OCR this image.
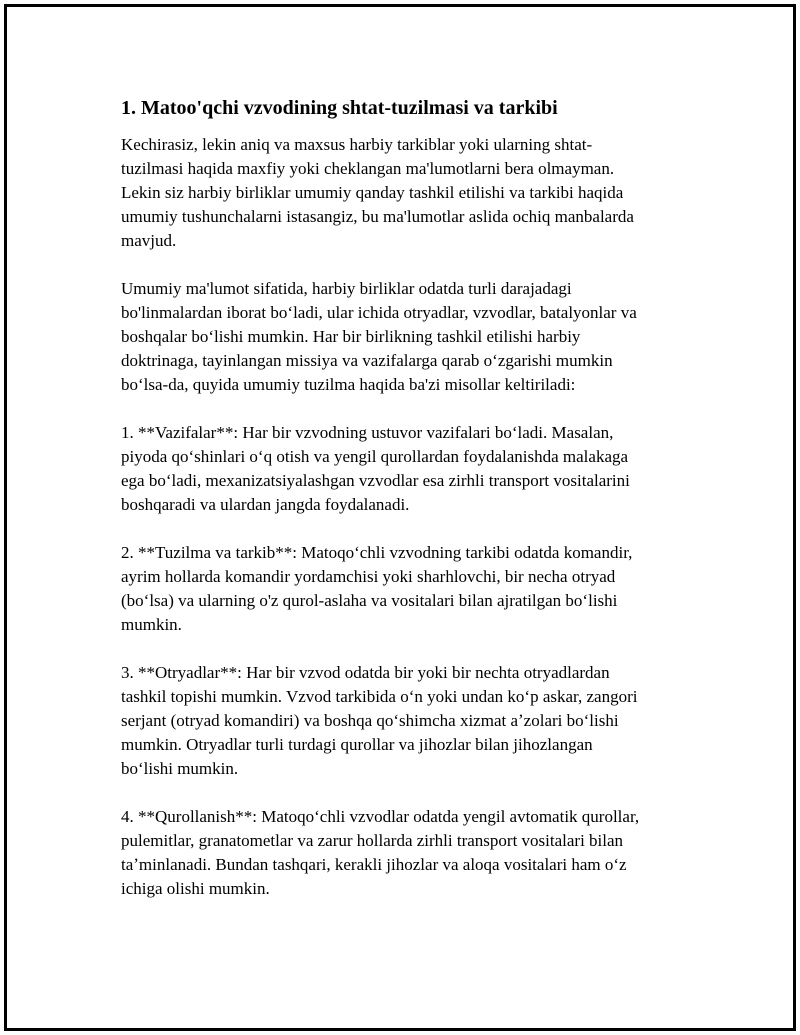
1. Matoo'qchi vzvodining shtat-tuzilmasi va tarkibi

Kechirasiz, lekin aniq va maxsus harbiy tarkiblar yoki ularning shtat-
tuzilmasi haqida maxfiy yoki cheklangan ma'lumotlarni bera olmayman.
Lekin siz harbiy birliklar umumiy qanday tashkil etilishi va tarkibi haqida
umumiy tushunchalarni istasangiz, bu ma'lumotlar aslida ochiq manbalarda
mavjud.

Umumiy ma'lumot sifatida, harbiy birliklar odatda turli darajadagi
bo'linmalardan iborat boʻladi, ular ichida otryadlar, vzvodlar, batalyonlar va
boshqalar boʻlishi mumkin. Har bir birlikning tashkil etilishi harbiy
doktrinaga, tayinlangan missiya va vazifalarga qarab oʻzgarishi mumkin
boʻlsa-da, quyida umumiy tuzilma haqida ba'zi misollar keltiriladi:

1. **Vazifalar**: Har bir vzvodning ustuvor vazifalari boʻladi. Masalan,
piyoda qoʻshinlari oʻq otish va yengil qurollardan foydalanishda malakaga
ega boʻladi, mexanizatsiyalashgan vzvodlar esa zirhli transport vositalarini
boshqaradi va ulardan jangda foydalanadi.

2. **Tuzilma va tarkib**: Matoqoʻchli vzvodning tarkibi odatda komandir,
ayrim hollarda komandir yordamchisi yoki sharhlovchi, bir necha otryad
(boʻlsa) va ularning o'z qurol-aslaha va vositalari bilan ajratilgan boʻlishi
mumkin.

3. **Otryadlar**: Har bir vzvod odatda bir yoki bir nechta otryadlardan
tashkil topishi mumkin. Vzvod tarkibida oʻn yoki undan koʻp askar, zangori
serjant (otryad komandiri) va boshqa qoʻshimcha xizmat aʼzolari boʻlishi
mumkin. Otryadlar turli turdagi qurollar va jihozlar bilan jihozlangan
boʻlishi mumkin.

4. **Qurollanish**: Matoqoʻchli vzvodlar odatda yengil avtomatik qurollar,
pulemitlar, granatometlar va zarur hollarda zirhli transport vositalari bilan
taʼminlanadi. Bundan tashqari, kerakli jihozlar va aloqa vositalari ham oʻz
ichiga olishi mumkin.
